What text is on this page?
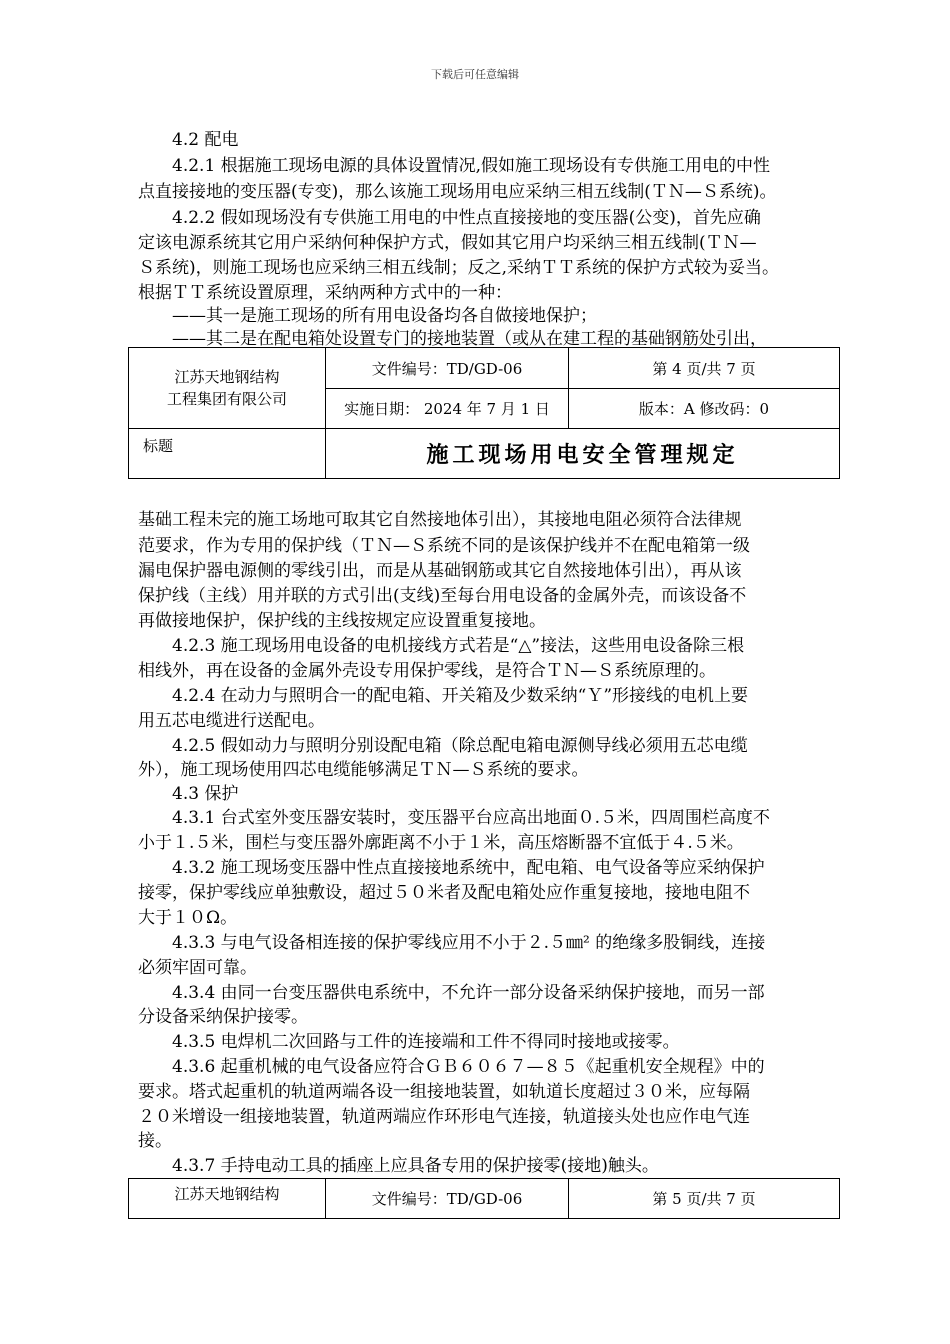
下载后可任意编辑
　　4.2 配电
　　4.2.1 根据施工现场电源的具体设置情况,假如施工现场设有专供施工用电的中性
点直接接地的变压器(专变)，那么该施工现场用电应采纳三相五线制(ＴＮ—Ｓ系统)。
　　4.2.2 假如现场没有专供施工用电的中性点直接接地的变压器(公变)，首先应确
定该电源系统其它用户采纳何种保护方式，假如其它用户均采纳三相五线制(ＴＮ—
Ｓ系统)，则施工现场也应采纳三相五线制；反之,采纳ＴＴ系统的保护方式较为妥当。
根据ＴＴ系统设置原理，采纳两种方式中的一种：
　　——其一是施工现场的所有用电设备均各自做接地保护；
　　——其二是在配电箱处设置专门的接地装置（或从在建工程的基础钢筋处引出，
江苏天地钢结构
工程集团有限公司	文件编号：TD/GD-06	第 4 页/共 7 页
	实施日期： 2024 年 7 月 1 日	版本：A 修改码：0
标题	施工现场用电安全管理规定	
基础工程未完的施工场地可取其它自然接地体引出），其接地电阻必须符合法律规
范要求，作为专用的保护线（ＴＮ—Ｓ系统不同的是该保护线并不在配电箱第一级
漏电保护器电源侧的零线引出，而是从基础钢筋或其它自然接地体引出），再从该
保护线（主线）用并联的方式引出(支线)至每台用电设备的金属外壳，而该设备不
再做接地保护，保护线的主线按规定应设置重复接地。
　　4.2.3 施工现场用电设备的电机接线方式若是“△”接法，这些用电设备除三根
相线外，再在设备的金属外壳设专用保护零线，是符合ＴＮ—Ｓ系统原理的。
　　4.2.4 在动力与照明合一的配电箱、开关箱及少数采纳“Ｙ”形接线的电机上要
用五芯电缆进行送配电。
　　4.2.5 假如动力与照明分别设配电箱（除总配电箱电源侧导线必须用五芯电缆
外），施工现场使用四芯电缆能够满足ＴＮ—Ｓ系统的要求。
　　4.3 保护
　　4.3.1 台式室外变压器安装时，变压器平台应高出地面０.５米，四周围栏高度不
小于１.５米，围栏与变压器外廓距离不小于１米，高压熔断器不宜低于４.５米。
　　4.3.2 施工现场变压器中性点直接接地系统中，配电箱、电气设备等应采纳保护
接零，保护零线应单独敷设，超过５０米者及配电箱处应作重复接地，接地电阻不
大于１０Ω。
　　4.3.3 与电气设备相连接的保护零线应用不小于２.５㎜² 的绝缘多股铜线，连接
必须牢固可靠。
　　4.3.4 由同一台变压器供电系统中，不允许一部分设备采纳保护接地，而另一部
分设备采纳保护接零。
　　4.3.5 电焊机二次回路与工件的连接端和工件不得同时接地或接零。
　　4.3.6 起重机械的电气设备应符合ＧＢ６０６７—８５《起重机安全规程》中的
要求。塔式起重机的轨道两端各设一组接地装置，如轨道长度超过３０米，应每隔
２０米增设一组接地装置，轨道两端应作环形电气连接，轨道接头处也应作电气连
接。
　　4.3.7 手持电动工具的插座上应具备专用的保护接零(接地)触头。
江苏天地钢结构	文件编号：TD/GD-06	第 5 页/共 7 页
